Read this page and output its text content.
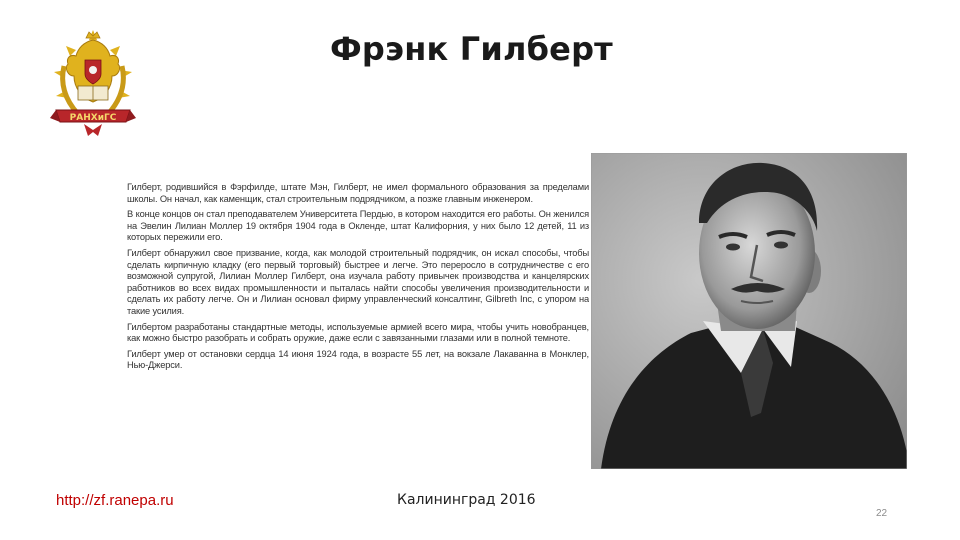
РАНХиГС
Фрэнк Гилберт

Гилберт, родившийся в Фэрфилде, штате Мэн, Гилберт, не имел формального образования за пределами школы. Он начал, как каменщик, стал строительным подрядчиком, а позже главным инженером.

В конце концов он стал преподавателем Университета Пердью, в котором находится его работы. Он женился на Эвелин Лилиан Моллер 19 октября 1904 года в Окленде, штат Калифорния, у них было 12 детей, 11 из которых пережили его.

Гилберт обнаружил свое призвание, когда, как молодой строительный подрядчик, он искал способы, чтобы сделать кирпичную кладку (его первый торговый) быстрее и легче. Это переросло в сотрудничестве с его возможной супругой, Лилиан Моллер Гилберт, она изучала работу привычек производства и канцелярских работников во всех видах промышленности и пыталась найти способы увеличения производительности и сделать их работу легче. Он и Лилиан основал фирму управленческий консалтинг, Gilbreth Inc, с упором на такие усилия.

Гилбертом разработаны стандартные методы, используемые армией всего мира, чтобы учить новобранцев, как можно быстро разобрать и собрать оружие, даже если с завязанными глазами или в полной темноте.

Гилберт умер от остановки сердца 14 июня 1924 года, в возрасте 55 лет, на вокзале Лакаванна в Монклер, Нью-Джерси.

http://zf.ranepa.ru	Калининград 2016
22
